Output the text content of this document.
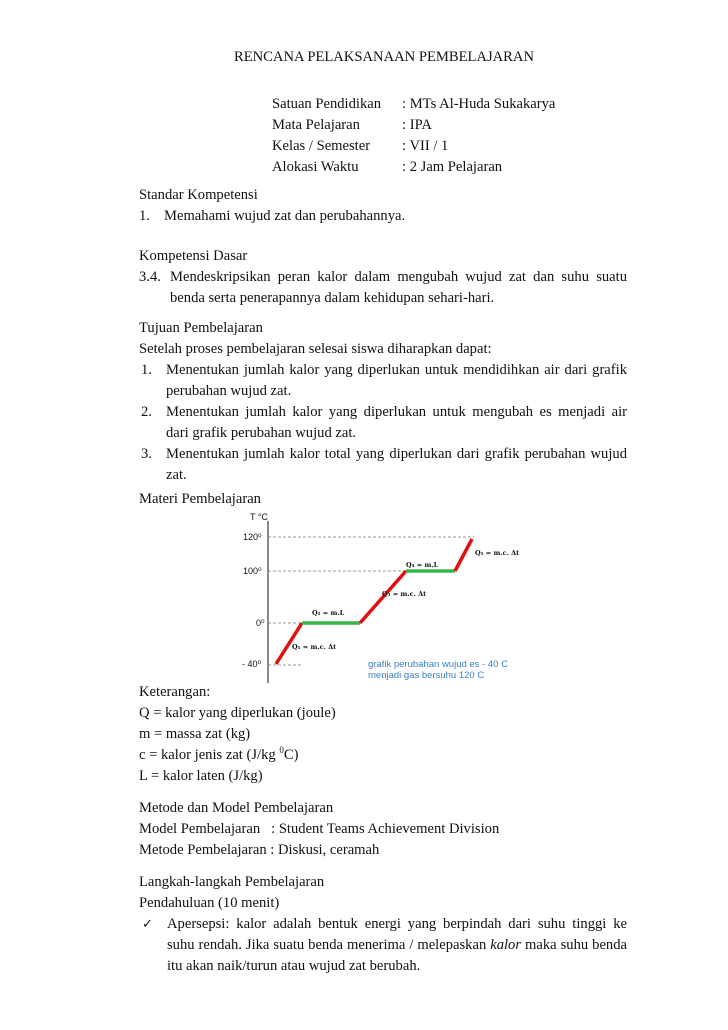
RENCANA PELAKSANAAN PEMBELAJARAN
Satuan Pendidikan : MTs Al-Huda Sukakarya
Mata Pelajaran	: IPA
Kelas / Semester : VII / 1
Alokasi Waktu	: 2 Jam Pelajaran
Standar Kompetensi
1. Memahami wujud zat dan perubahannya.
Kompetensi Dasar
3.4. Mendeskripsikan peran kalor dalam mengubah wujud zat dan suhu suatu
benda serta penerapannya dalam kehidupan sehari-hari.
Tujuan Pembelajaran
Setelah proses pembelajaran selesai siswa diharapkan dapat:
1. Menentukan jumlah kalor yang diperlukan untuk mendidihkan air dari grafik
perubahan wujud zat.
2. Menentukan jumlah kalor yang diperlukan untuk mengubah es menjadi air
dari grafik perubahan wujud zat.
3. Menentukan jumlah kalor total yang diperlukan dari grafik perubahan wujud
zat.
Materi Pembelajaran
T °C
120⁰
100⁰
0⁰
- 40⁰
Q₁ = m.c. Δt
Q₂ = m.L
Q₃ = m.c. Δt
Q₄ = m.L
Q₅ = m.c. Δt
grafik perubahan wujud es - 40 C
menjadi gas bersuhu 120 C
Keterangan:
Q = kalor yang diperlukan (joule)
m = massa zat (kg)
c = kalor jenis zat (J/kg $^0$C)
L = kalor laten (J/kg)
Metode dan Model Pembelajaran
Model Pembelajaran   : Student Teams Achievement Division
Metode Pembelajaran : Diskusi, ceramah
Langkah-langkah Pembelajaran
Pendahuluan (10 menit)
✓ Apersepsi: kalor adalah bentuk energi yang berpindah dari suhu tinggi ke
suhu rendah. Jika suatu benda menerima / melepaskan kalor maka suhu benda
itu akan naik/turun atau wujud zat berubah.
